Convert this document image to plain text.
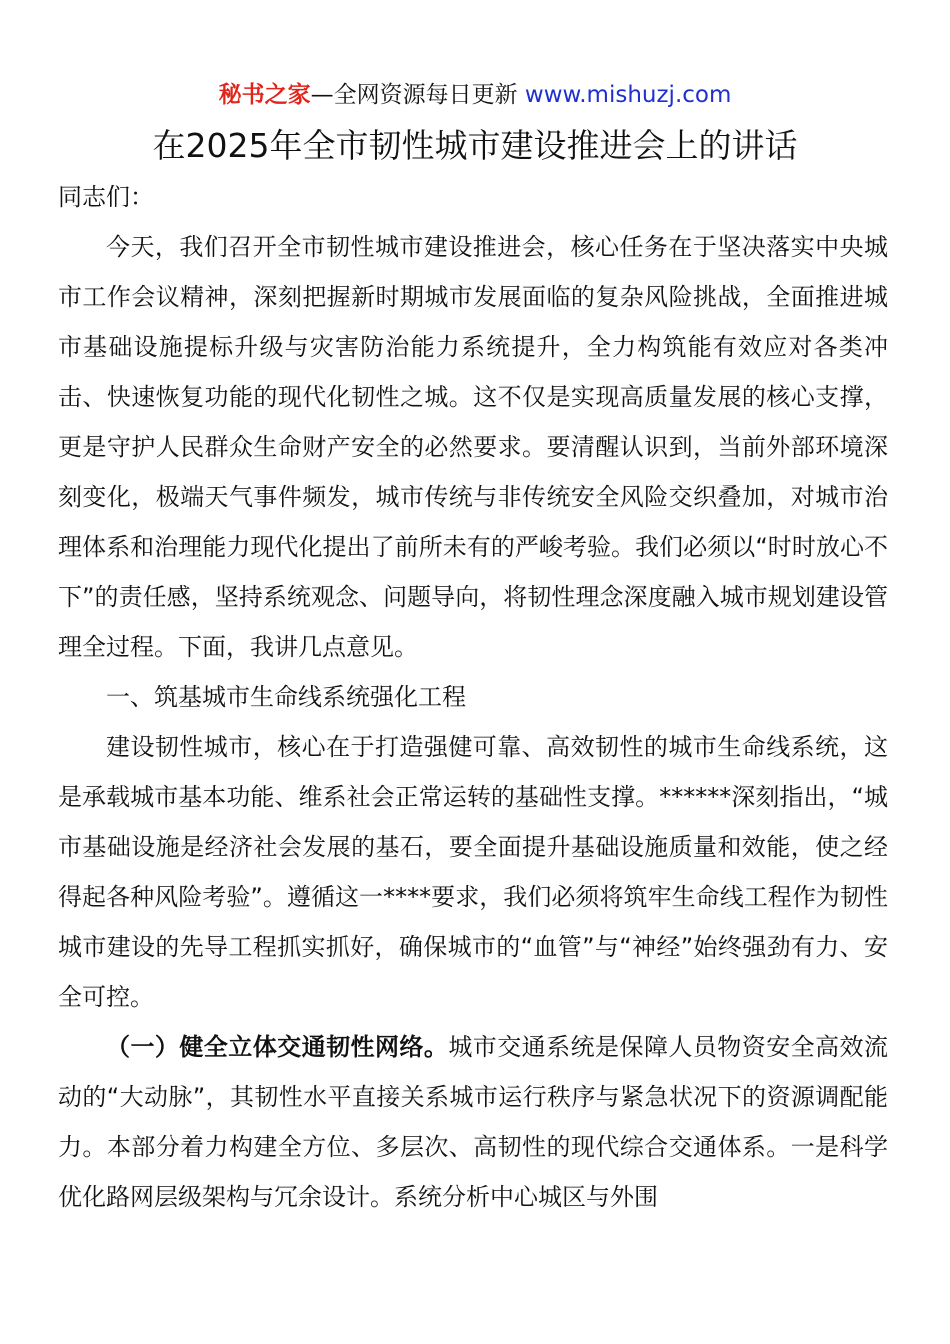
秘书之家—全网资源每日更新 www.mishuzj.com
在2025年全市韧性城市建设推进会上的讲话

同志们：

今天，我们召开全市韧性城市建设推进会，核心任务在于坚决落实中央城市工作会议精神，深刻把握新时期城市发展面临的复杂风险挑战，全面推进城市基础设施提标升级与灾害防治能力系统提升，全力构筑能有效应对各类冲击、快速恢复功能的现代化韧性之城。这不仅是实现高质量发展的核心支撑，更是守护人民群众生命财产安全的必然要求。要清醒认识到，当前外部环境深刻变化，极端天气事件频发，城市传统与非传统安全风险交织叠加，对城市治理体系和治理能力现代化提出了前所未有的严峻考验。我们必须以“时时放心不下”的责任感，坚持系统观念、问题导向，将韧性理念深度融入城市规划建设管理全过程。下面，我讲几点意见。

一、筑基城市生命线系统强化工程

建设韧性城市，核心在于打造强健可靠、高效韧性的城市生命线系统，这是承载城市基本功能、维系社会正常运转的基础性支撑。******深刻指出，“城市基础设施是经济社会发展的基石，要全面提升基础设施质量和效能，使之经得起各种风险考验”。遵循这一****要求，我们必须将筑牢生命线工程作为韧性城市建设的先导工程抓实抓好，确保城市的“血管”与“神经”始终强劲有力、安全可控。

（一）健全立体交通韧性网络。城市交通系统是保障人员物资安全高效流动的“大动脉”，其韧性水平直接关系城市运行秩序与紧急状况下的资源调配能力。本部分着力构建全方位、多层次、高韧性的现代综合交通体系。一是科学优化路网层级架构与冗余设计。系统分析中心城区与外围
